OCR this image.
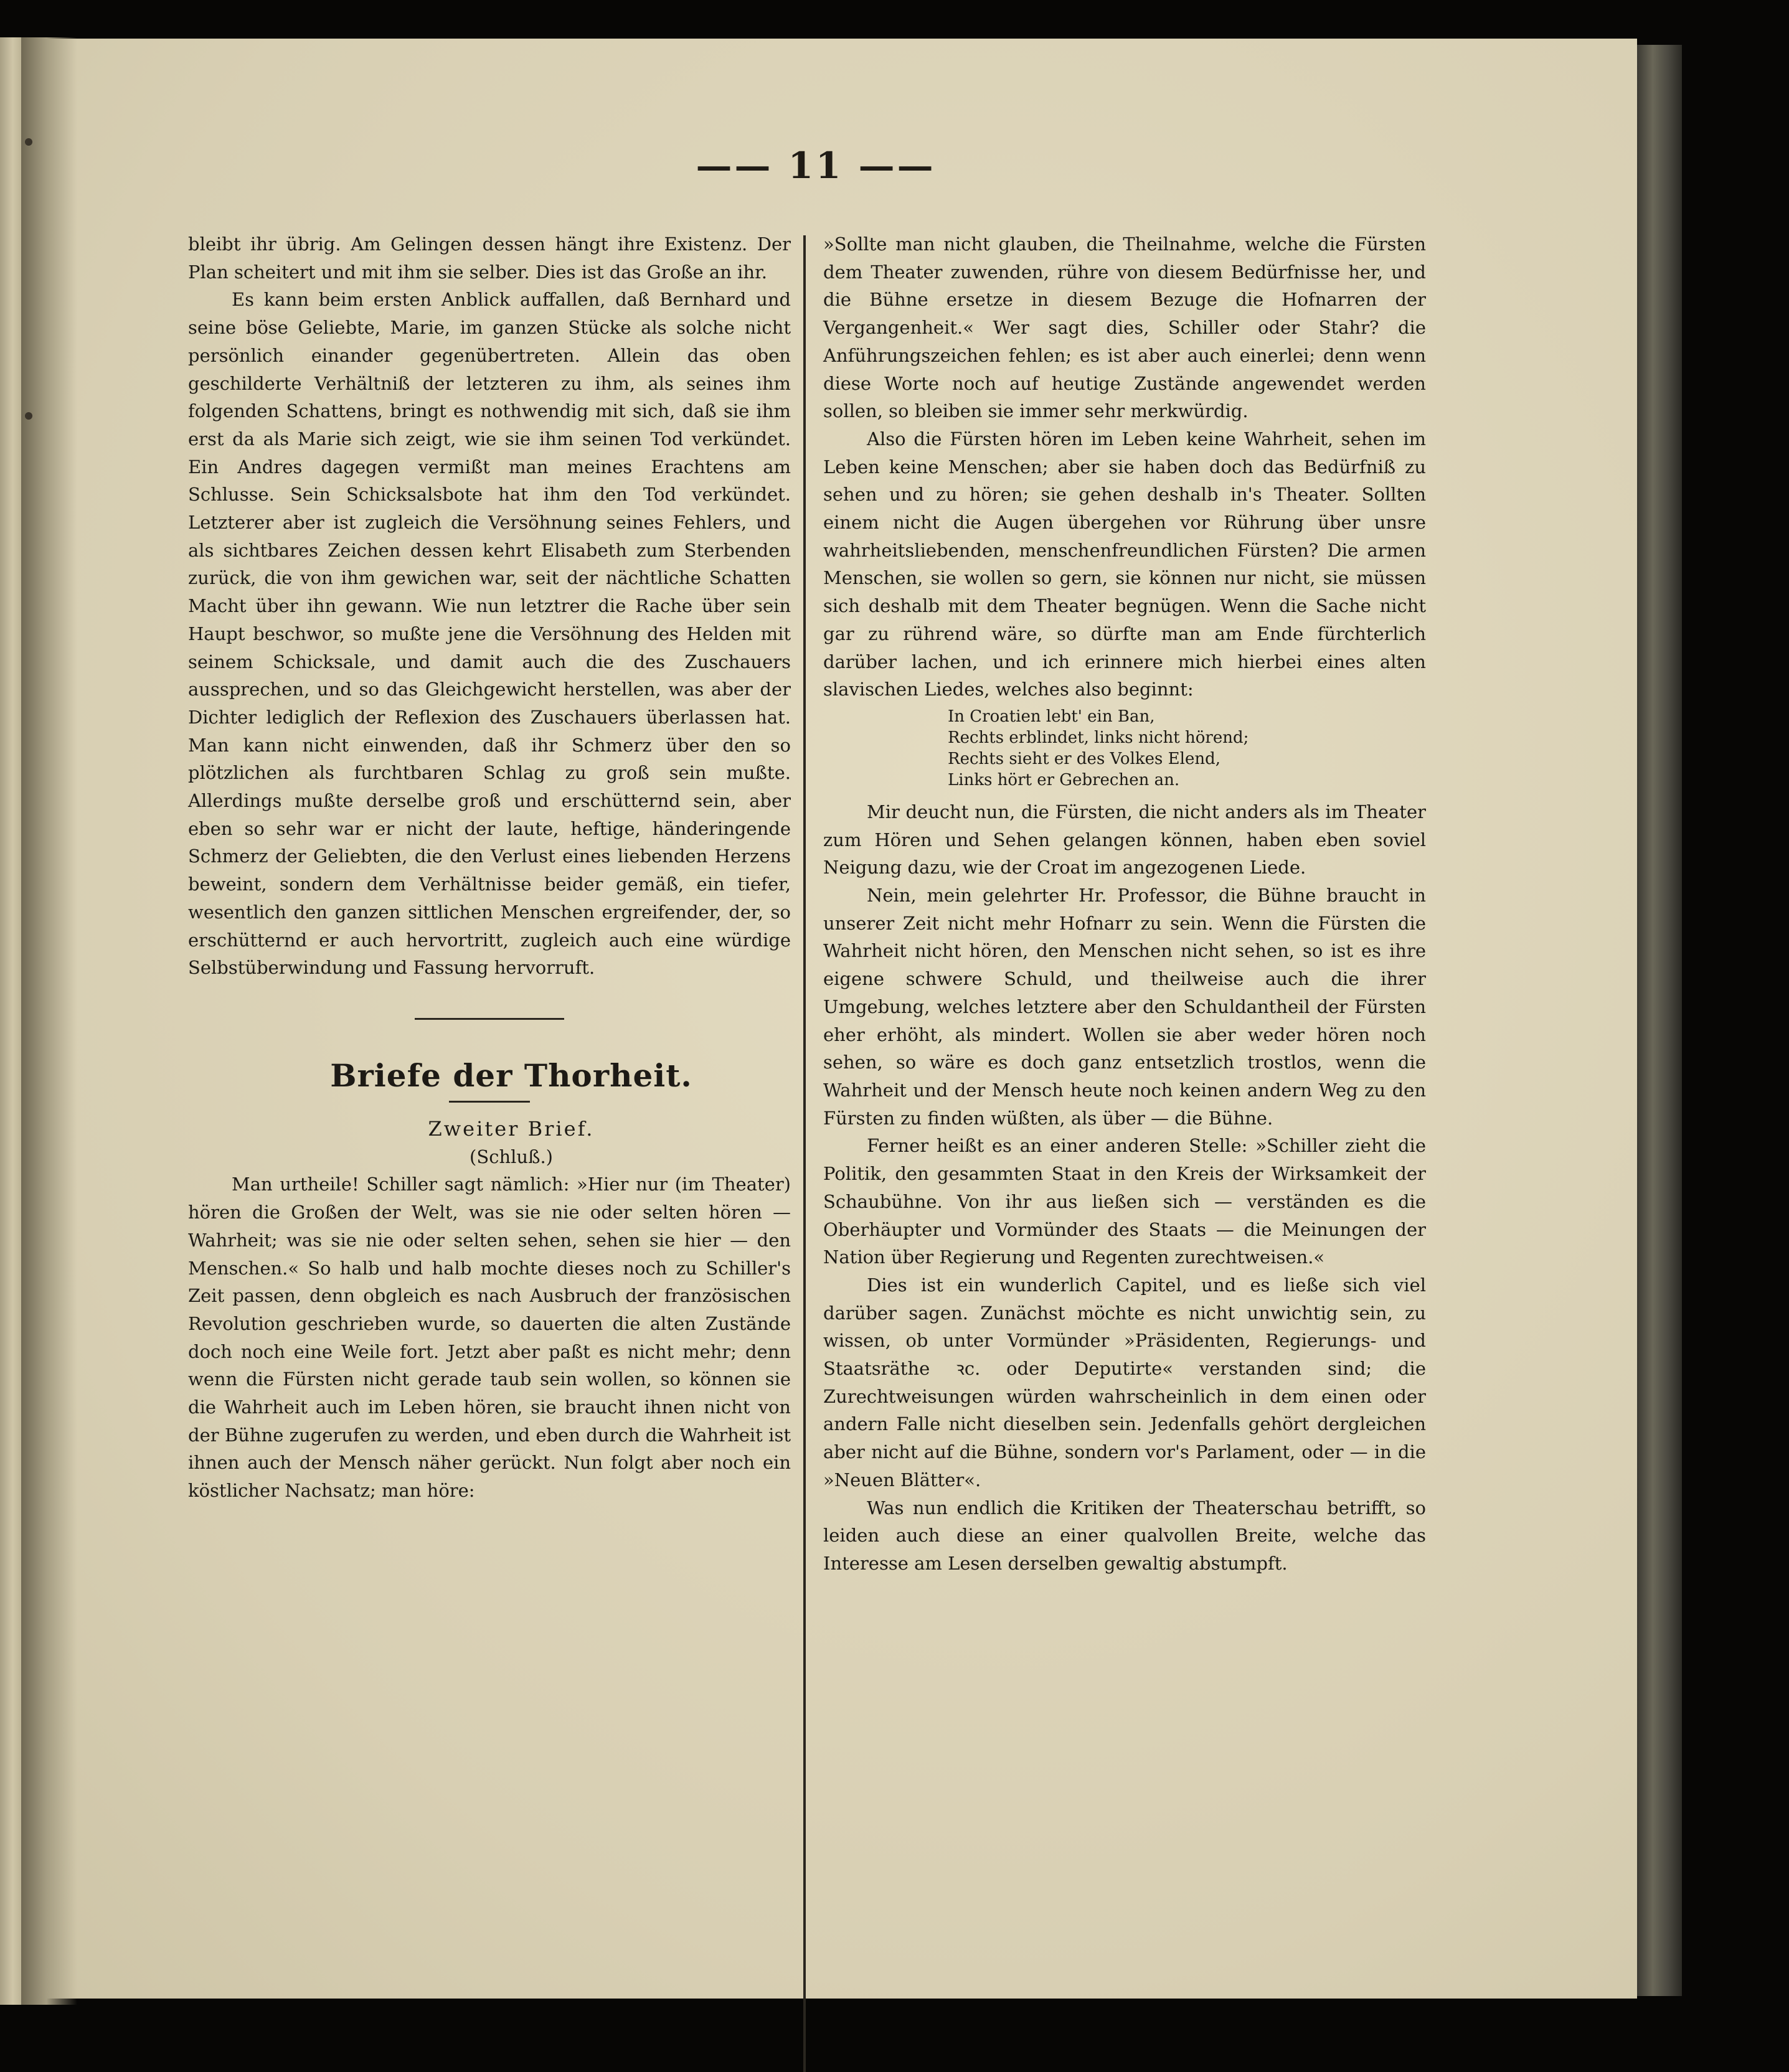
—— 11 ——

bleibt ihr übrig. Am Gelingen dessen hängt ihre Existenz. Der Plan scheitert und mit ihm sie selber. Dies ist das Große an ihr.

Es kann beim ersten Anblick auffallen, daß Bernhard und seine böse Geliebte, Marie, im ganzen Stücke als solche nicht persönlich einander gegenübertreten. Allein das oben geschilderte Verhältniß der letzteren zu ihm, als seines ihm folgenden Schattens, bringt es nothwendig mit sich, daß sie ihm erst da als Marie sich zeigt, wie sie ihm seinen Tod verkündet. Ein Andres dagegen vermißt man meines Erachtens am Schlusse. Sein Schicksalsbote hat ihm den Tod verkündet. Letzterer aber ist zugleich die Versöhnung seines Fehlers, und als sichtbares Zeichen dessen kehrt Elisabeth zum Sterbenden zurück, die von ihm gewichen war, seit der nächtliche Schatten Macht über ihn gewann. Wie nun letztrer die Rache über sein Haupt beschwor, so mußte jene die Versöhnung des Helden mit seinem Schicksale, und damit auch die des Zuschauers aussprechen, und so das Gleichgewicht herstellen, was aber der Dichter lediglich der Reflexion des Zuschauers überlassen hat. Man kann nicht einwenden, daß ihr Schmerz über den so plötzlichen als furchtbaren Schlag zu groß sein mußte. Allerdings mußte derselbe groß und erschütternd sein, aber eben so sehr war er nicht der laute, heftige, händeringende Schmerz der Geliebten, die den Verlust eines liebenden Herzens beweint, sondern dem Verhältnisse beider gemäß, ein tiefer, wesentlich den ganzen sittlichen Menschen ergreifender, der, so erschütternd er auch hervortritt, zugleich auch eine würdige Selbstüberwindung und Fassung hervorruft.

Briefe der Thorheit.

Zweiter Brief.

(Schluß.)

Man urtheile! Schiller sagt nämlich: »Hier nur (im Theater) hören die Großen der Welt, was sie nie oder selten hören — Wahrheit; was sie nie oder selten sehen, sehen sie hier — den Menschen.« So halb und halb mochte dieses noch zu Schiller's Zeit passen, denn obgleich es nach Ausbruch der französischen Revolution geschrieben wurde, so dauerten die alten Zustände doch noch eine Weile fort. Jetzt aber paßt es nicht mehr; denn wenn die Fürsten nicht gerade taub sein wollen, so können sie die Wahrheit auch im Leben hören, sie braucht ihnen nicht von der Bühne zugerufen zu werden, und eben durch die Wahrheit ist ihnen auch der Mensch näher gerückt. Nun folgt aber noch ein köstlicher Nachsatz; man höre:

»Sollte man nicht glauben, die Theilnahme, welche die Fürsten dem Theater zuwenden, rühre von diesem Bedürfnisse her, und die Bühne ersetze in diesem Bezuge die Hofnarren der Vergangenheit.« Wer sagt dies, Schiller oder Stahr? die Anführungszeichen fehlen; es ist aber auch einerlei; denn wenn diese Worte noch auf heutige Zustände angewendet werden sollen, so bleiben sie immer sehr merkwürdig.

Also die Fürsten hören im Leben keine Wahrheit, sehen im Leben keine Menschen; aber sie haben doch das Bedürfniß zu sehen und zu hören; sie gehen deshalb in's Theater. Sollten einem nicht die Augen übergehen vor Rührung über unsre wahrheitsliebenden, menschenfreundlichen Fürsten? Die armen Menschen, sie wollen so gern, sie können nur nicht, sie müssen sich deshalb mit dem Theater begnügen. Wenn die Sache nicht gar zu rührend wäre, so dürfte man am Ende fürchterlich darüber lachen, und ich erinnere mich hierbei eines alten slavischen Liedes, welches also beginnt:

In Croatien lebt' ein Ban,
Rechts erblindet, links nicht hörend;
Rechts sieht er des Volkes Elend,
Links hört er Gebrechen an.

Mir deucht nun, die Fürsten, die nicht anders als im Theater zum Hören und Sehen gelangen können, haben eben soviel Neigung dazu, wie der Croat im angezogenen Liede.

Nein, mein gelehrter Hr. Professor, die Bühne braucht in unserer Zeit nicht mehr Hofnarr zu sein. Wenn die Fürsten die Wahrheit nicht hören, den Menschen nicht sehen, so ist es ihre eigene schwere Schuld, und theilweise auch die ihrer Umgebung, welches letztere aber den Schuldantheil der Fürsten eher erhöht, als mindert. Wollen sie aber weder hören noch sehen, so wäre es doch ganz entsetzlich trostlos, wenn die Wahrheit und der Mensch heute noch keinen andern Weg zu den Fürsten zu finden wüßten, als über — die Bühne.

Ferner heißt es an einer anderen Stelle: »Schiller zieht die Politik, den gesammten Staat in den Kreis der Wirksamkeit der Schaubühne. Von ihr aus ließen sich — verständen es die Oberhäupter und Vormünder des Staats — die Meinungen der Nation über Regierung und Regenten zurechtweisen.«

Dies ist ein wunderlich Capitel, und es ließe sich viel darüber sagen. Zunächst möchte es nicht unwichtig sein, zu wissen, ob unter Vormünder »Präsidenten, Regierungs- und Staatsräthe ꝛc. oder Deputirte« verstanden sind; die Zurechtweisungen würden wahrscheinlich in dem einen oder andern Falle nicht dieselben sein. Jedenfalls gehört dergleichen aber nicht auf die Bühne, sondern vor's Parlament, oder — in die »Neuen Blätter«.

Was nun endlich die Kritiken der Theaterschau betrifft, so leiden auch diese an einer qualvollen Breite, welche das Interesse am Lesen derselben gewaltig abstumpft.
